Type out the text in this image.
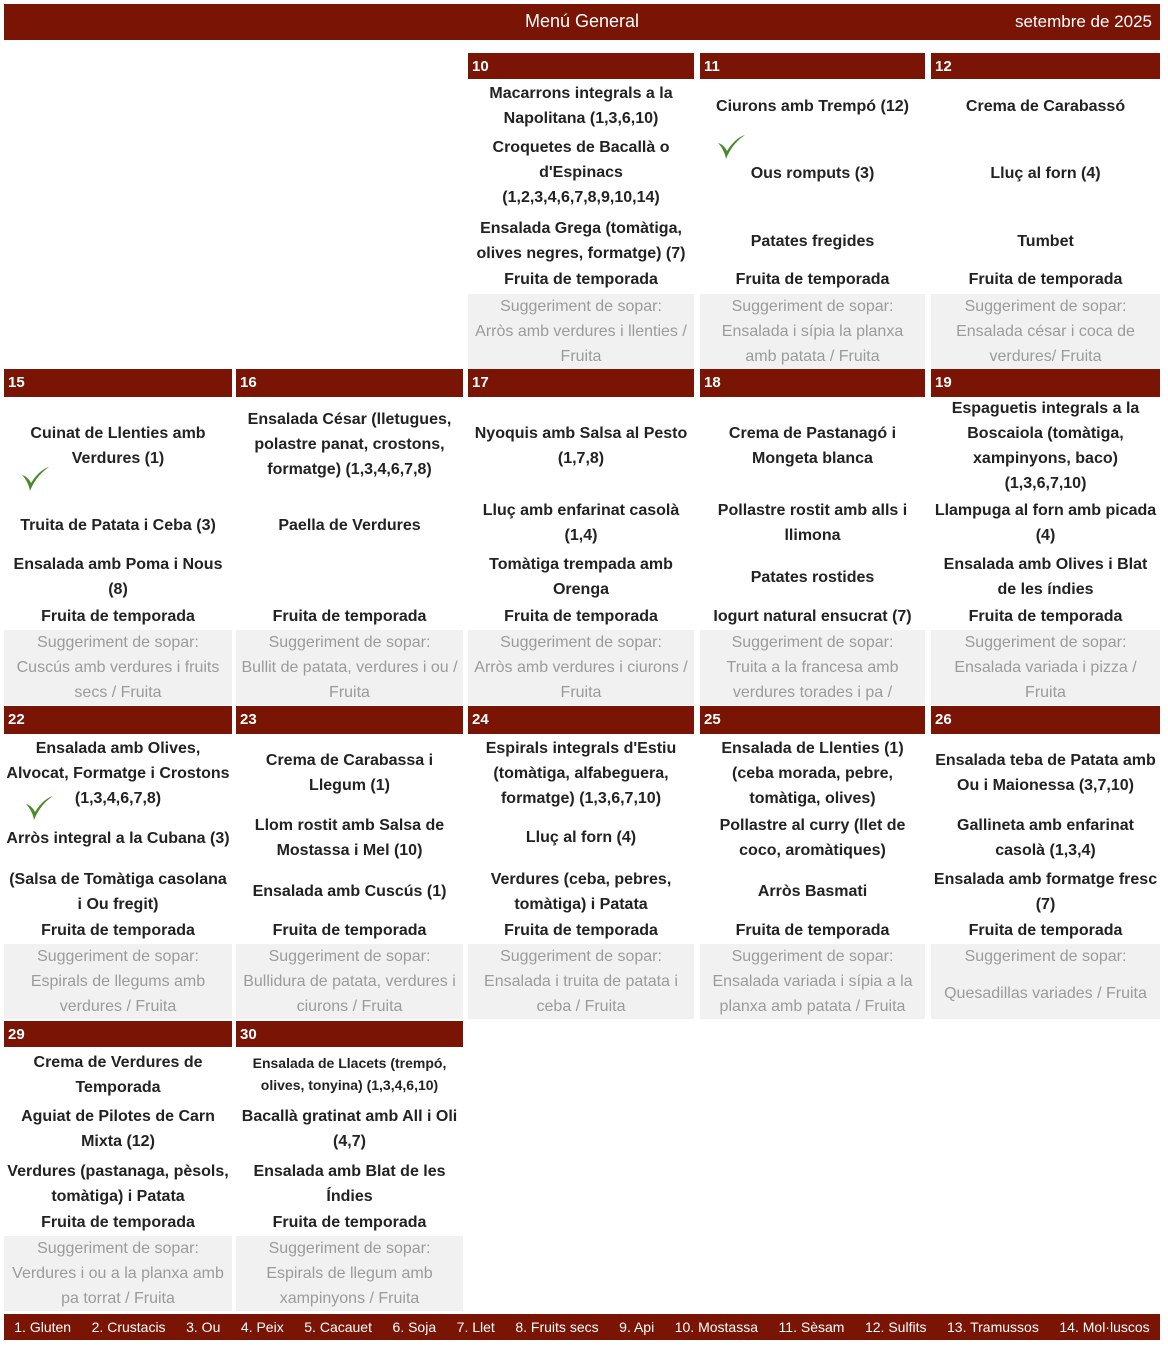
Menú General	setembre de 2025
10
Macarrons integrals a la Napolitana (1,3,6,10)
Croquetes de Bacallà o d'Espinacs (1,2,3,4,6,7,8,9,10,14)
Ensalada Grega (tomàtiga, olives negres, formatge) (7)
Fruita de temporada
Suggeriment de sopar:
Arròs amb verdures i llenties / Fruita
11
Ciurons amb Trempó (12)
Ous romputs (3)
Patates fregides
Fruita de temporada
Suggeriment de sopar:
Ensalada i sípia la planxa amb patata / Fruita
12
Crema de Carabassó
Lluç al forn (4)
Tumbet
Fruita de temporada
Suggeriment de sopar:
Ensalada césar i coca de verdures/ Fruita
15
Cuinat de Llenties amb Verdures (1)
Truita de Patata i Ceba (3)
Ensalada amb Poma i Nous (8)
Fruita de temporada
Suggeriment de sopar:
Cuscús amb verdures i fruits secs / Fruita
16
Ensalada César (lletugues, polastre panat, crostons, formatge) (1,3,4,6,7,8)
Paella de Verdures
Fruita de temporada
Suggeriment de sopar:
Bullit de patata, verdures i ou / Fruita
17
Nyoquis amb Salsa al Pesto (1,7,8)
Lluç amb enfarinat casolà (1,4)
Tomàtiga trempada amb Orenga
Fruita de temporada
Suggeriment de sopar:
Arròs amb verdures i ciurons / Fruita
18
Crema de Pastanagó i Mongeta blanca
Pollastre rostit amb alls i llimona
Patates rostides
Iogurt natural ensucrat (7)
Suggeriment de sopar:
Truita a la francesa amb verdures torades i pa /
19
Espaguetis integrals a la Boscaiola (tomàtiga, xampinyons, baco) (1,3,6,7,10)
Llampuga al forn amb picada (4)
Ensalada amb Olives i Blat de les índies
Fruita de temporada
Suggeriment de sopar:
Ensalada variada i pizza / Fruita
22
Ensalada amb Olives, Alvocat, Formatge i Crostons (1,3,4,6,7,8)
Arròs integral a la Cubana (3)
(Salsa de Tomàtiga casolana i Ou fregit)
Fruita de temporada
Suggeriment de sopar:
Espirals de llegums amb verdures / Fruita
23
Crema de Carabassa i Llegum (1)
Llom rostit amb Salsa de Mostassa i Mel (10)
Ensalada amb Cuscús (1)
Fruita de temporada
Suggeriment de sopar:
Bullidura de patata, verdures i ciurons / Fruita
24
Espirals integrals d'Estiu (tomàtiga, alfabeguera, formatge) (1,3,6,7,10)
Lluç al forn (4)
Verdures (ceba, pebres, tomàtiga) i Patata
Fruita de temporada
Suggeriment de sopar:
Ensalada i truita de patata i ceba / Fruita
25
Ensalada de Llenties (1) (ceba morada, pebre, tomàtiga, olives)
Pollastre al curry (llet de coco, aromàtiques)
Arròs Basmati
Fruita de temporada
Suggeriment de sopar:
Ensalada variada i sípia a la planxa amb patata / Fruita
26
Ensalada teba de Patata amb Ou i Maionessa (3,7,10)
Gallineta amb enfarinat casolà (1,3,4)
Ensalada amb formatge fresc (7)
Fruita de temporada
Suggeriment de sopar:
Quesadillas variades / Fruita
29
Crema de Verdures de Temporada
Aguiat de Pilotes de Carn Mixta (12)
Verdures (pastanaga, pèsols, tomàtiga) i Patata
Fruita de temporada
Suggeriment de sopar:
Verdures i ou a la planxa amb pa torrat / Fruita
30
Ensalada de Llacets (trempó, olives, tonyina) (1,3,4,6,10)
Bacallà gratinat amb All i Oli (4,7)
Ensalada amb Blat de les Índies
Fruita de temporada
Suggeriment de sopar:
Espirals de llegum amb xampinyons / Fruita
1. Gluten 2. Crustacis 3. Ou 4. Peix 5. Cacauet 6. Soja 7. Llet 8. Fruits secs 9. Api 10. Mostassa 11. Sèsam 12. Sulfits 13. Tramussos 14. Mol·luscos
